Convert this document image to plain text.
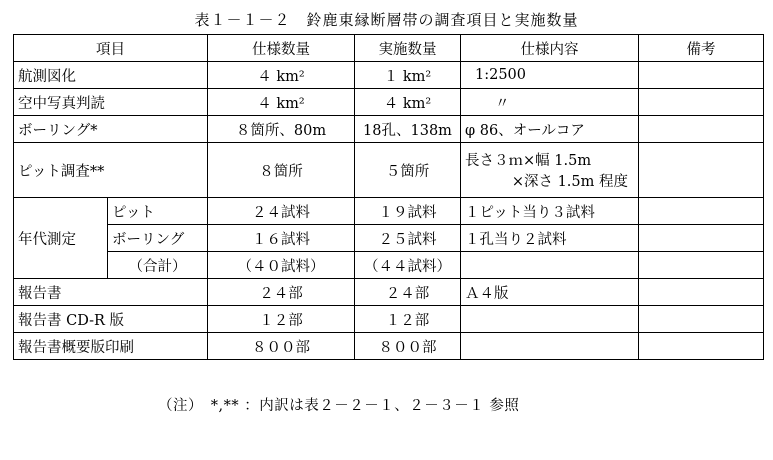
表１－１－２　鈴鹿東縁断層帯の調査項目と実施数量
項目		仕様数量	実施数量	仕様内容	備考
航測図化		４ km²	１ km²	1:2500	
空中写真判読		４ km²	４ km²	〃	
ボーリング*		８箇所、80m	18孔、138m	φ 86、オールコア	
ピット調査**		８箇所	５箇所	長さ３ｍ×幅 1.5m
×深さ 1.5m 程度	

年代測定	ピット	２４試料	１９試料	１ピット当り３試料	
	ボーリング	１６試料	２５試料	１孔当り２試料	
	（合計）	（４０試料）	（４４試料）		
報告書		２４部	２４部	Ａ４版	
報告書 CD-R 版		１２部	１２部		
報告書概要版印刷		８００部	８００部		
（注）　*,** ：内訳は表２－２－１、２－３－１ 参照
